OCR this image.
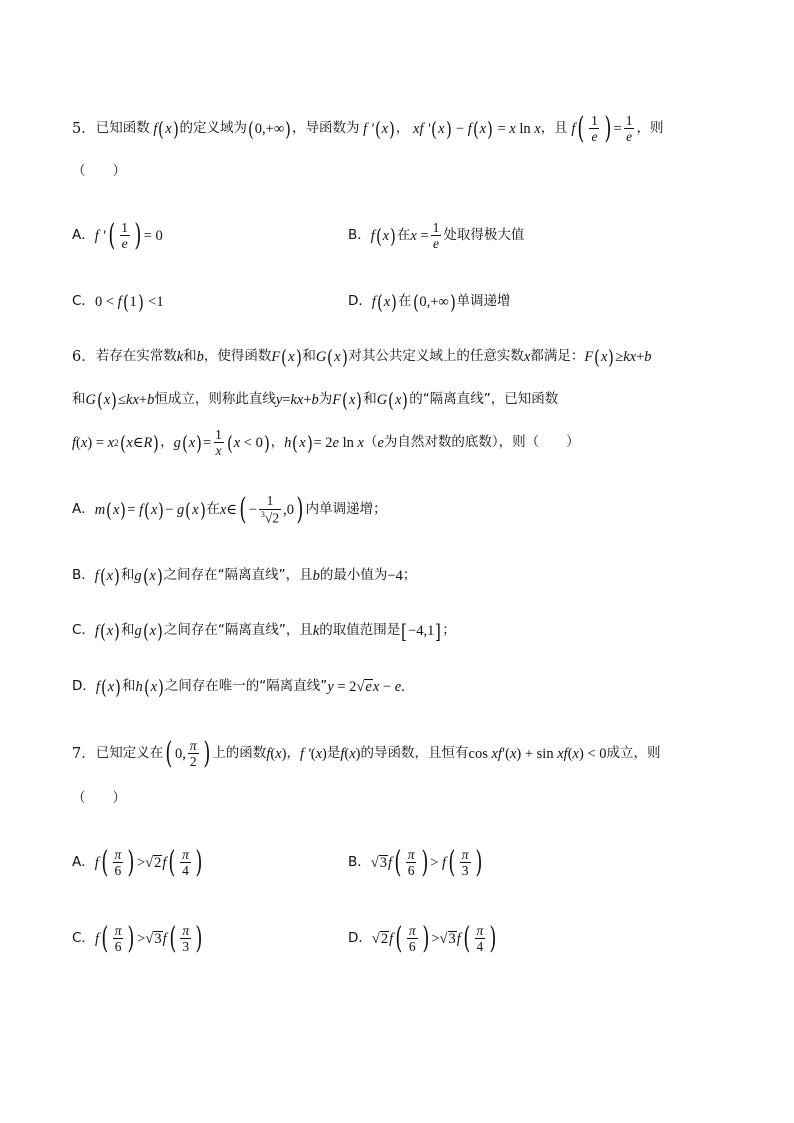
5． 已知函数 f ( x ) 的定义域为 ( 0,+∞ ) ，导函数为 f ' ( x ) ， xf ' ( x ) − f ( x ) = x ln x ，且 f ( $\frac{1}{e}$ ) = $\frac{1}{e}$ ，则
（　　）
A． f ' ( $\frac{1}{e}$ ) = 0	B． f ( x ) 在 $x = \frac{1}{e}$ 处取得极大值
C． 0 < f ( 1 ) <1	D． f ( x ) 在 ( 0,+∞ ) 单调递增
6． 若存在实常数 k 和 b ，使得函数 F ( x ) 和 G ( x ) 对其公共定义域上的任意实数 x 都满足： F ( x ) ≥ kx + b
和 G ( x ) ≤ kx + b 恒成立，则称此直线 y = kx + b 为 F ( x ) 和 G ( x ) 的“隔离直线”，已知函数
f ( x ) = x 2 ( x ∈ R ) ， g ( x ) = $\frac{1}{x}$ ( x < 0 ) ， h ( x ) = 2 e ln x （ e 为自然对数的底数），则（　　）
A． m ( x ) = f ( x ) − g ( x ) 在 x ∈ ( − $\frac{1}{^3√2} ,0$ ) 内单调递增；
B． f ( x ) 和 g ( x ) 之间存在“隔离直线”，且 b 的最小值为 −4 ；
C． f ( x ) 和 g ( x ) 之间存在“隔离直线”，且 k 的取值范围是 [ −4,1 ] ；
D． f ( x ) 和 h ( x ) 之间存在唯一的“隔离直线” y = 2 √ e x − e .
7． 已知定义在 ( 0, $\frac{\pi}{2}$ ) 上的函数 f ( x ) ， f ' ( x ) 是 f ( x ) 的导函数，且恒有 cos xf ′( x ) + sin xf ( x ) < 0 成立，则
（　　）
A． f ( $\frac{\pi}{6}$ ) > √ 2 f ( $\frac{\pi}{4}$ )	B． √ 3 f ( $\frac{\pi}{6}$ ) > f ( $\frac{\pi}{3}$ )
C． f ( $\frac{\pi}{6}$ ) > √ 3 f ( $\frac{\pi}{3}$ )	D． √ 2 f ( $\frac{\pi}{6}$ ) > √ 3 f ( $\frac{\pi}{4}$ )
